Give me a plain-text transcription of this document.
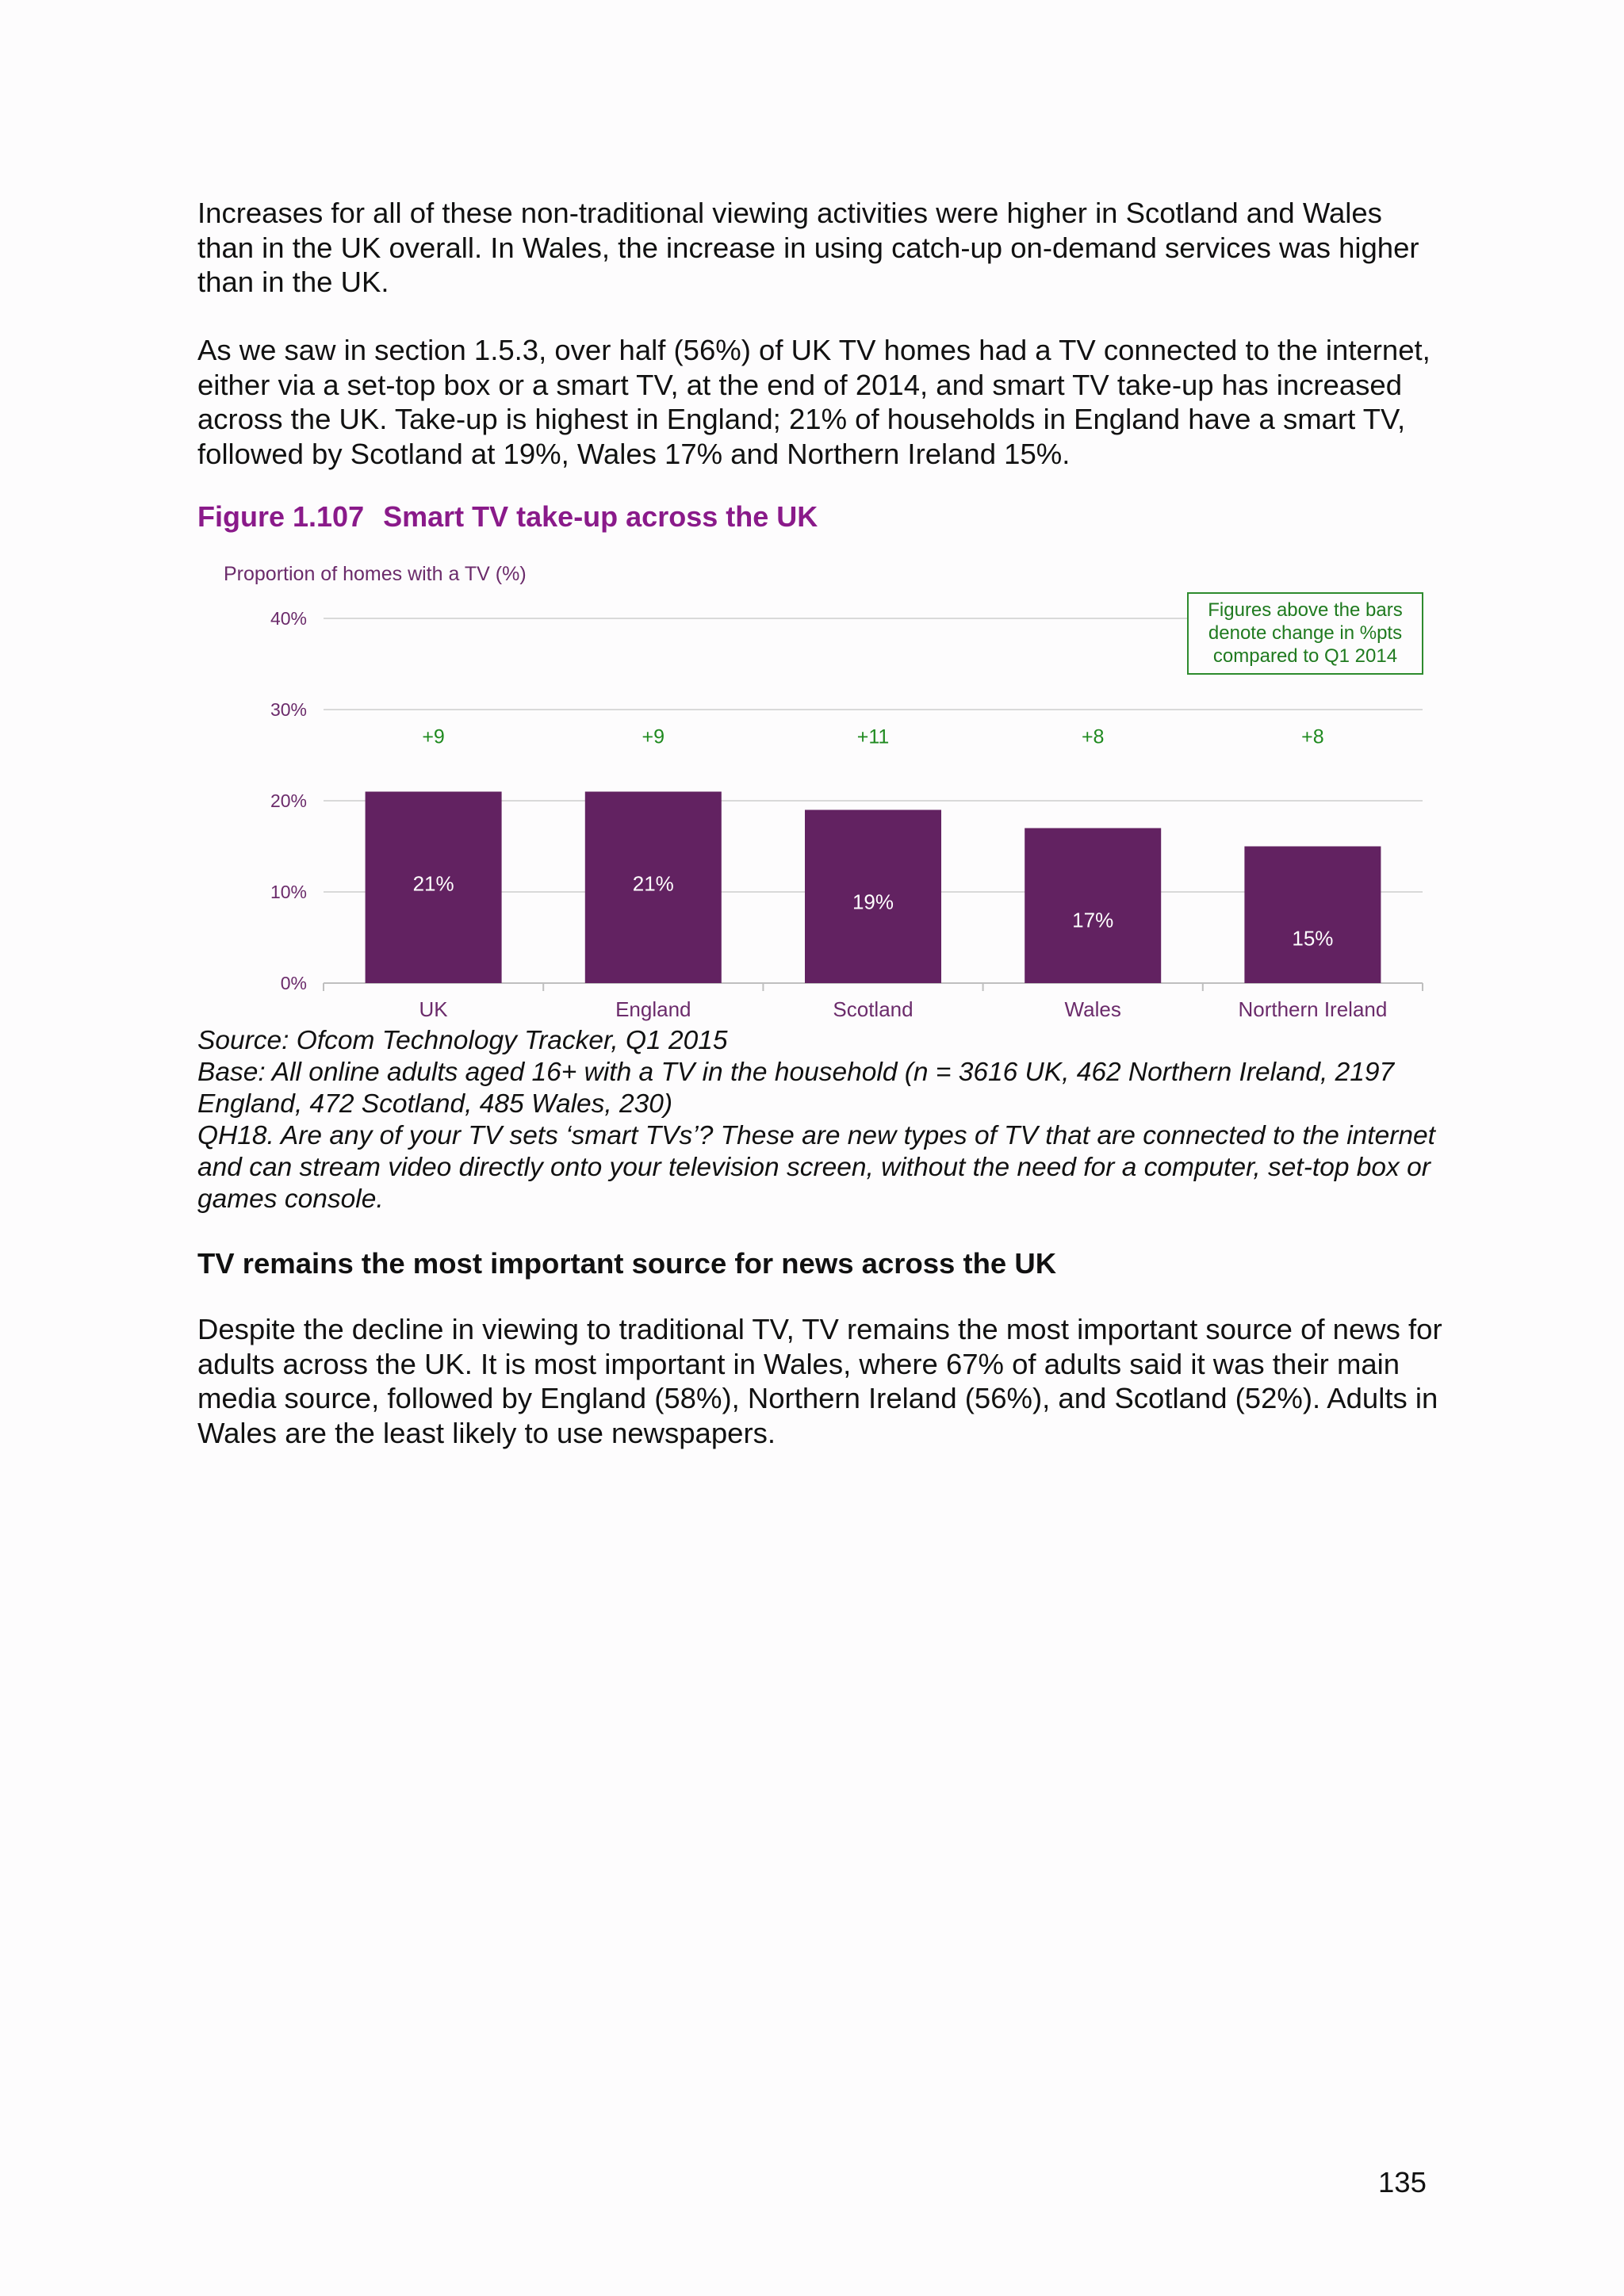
Increases for all of these non-traditional viewing activities were higher in Scotland and Wales than in the UK overall. In Wales, the increase in using catch-up on-demand services was higher than in the UK.

As we saw in section 1.5.3, over half (56%) of UK TV homes had a TV connected to the internet, either via a set-top box or a smart TV, at the end of 2014, and smart TV take-up has increased across the UK. Take-up is highest in England; 21% of households in England have a smart TV, followed by Scotland at 19%, Wales 17% and Northern Ireland 15%.

Figure 1.107 Smart TV take-up across the UK
Proportion of homes with a TV (%)
0%
10%
20%
30%
40%
21%
+9
UK
21%
+9
England
19%
+11
Scotland
17%
+8
Wales
15%
+8
Northern Ireland
Figures above the bars denote change in %pts compared to Q1 2014
Source: Ofcom Technology Tracker, Q1 2015
Base: All online adults aged 16+ with a TV in the household (n = 3616 UK, 462 Northern Ireland, 2197 England, 472 Scotland, 485 Wales, 230)
QH18. Are any of your TV sets ‘smart TVs’? These are new types of TV that are connected to the internet and can stream video directly onto your television screen, without the need for a computer, set-top box or games console.
TV remains the most important source for news across the UK

Despite the decline in viewing to traditional TV, TV remains the most important source of news for adults across the UK. It is most important in Wales, where 67% of adults said it was their main media source, followed by England (58%), Northern Ireland (56%), and Scotland (52%). Adults in Wales are the least likely to use newspapers.

135
